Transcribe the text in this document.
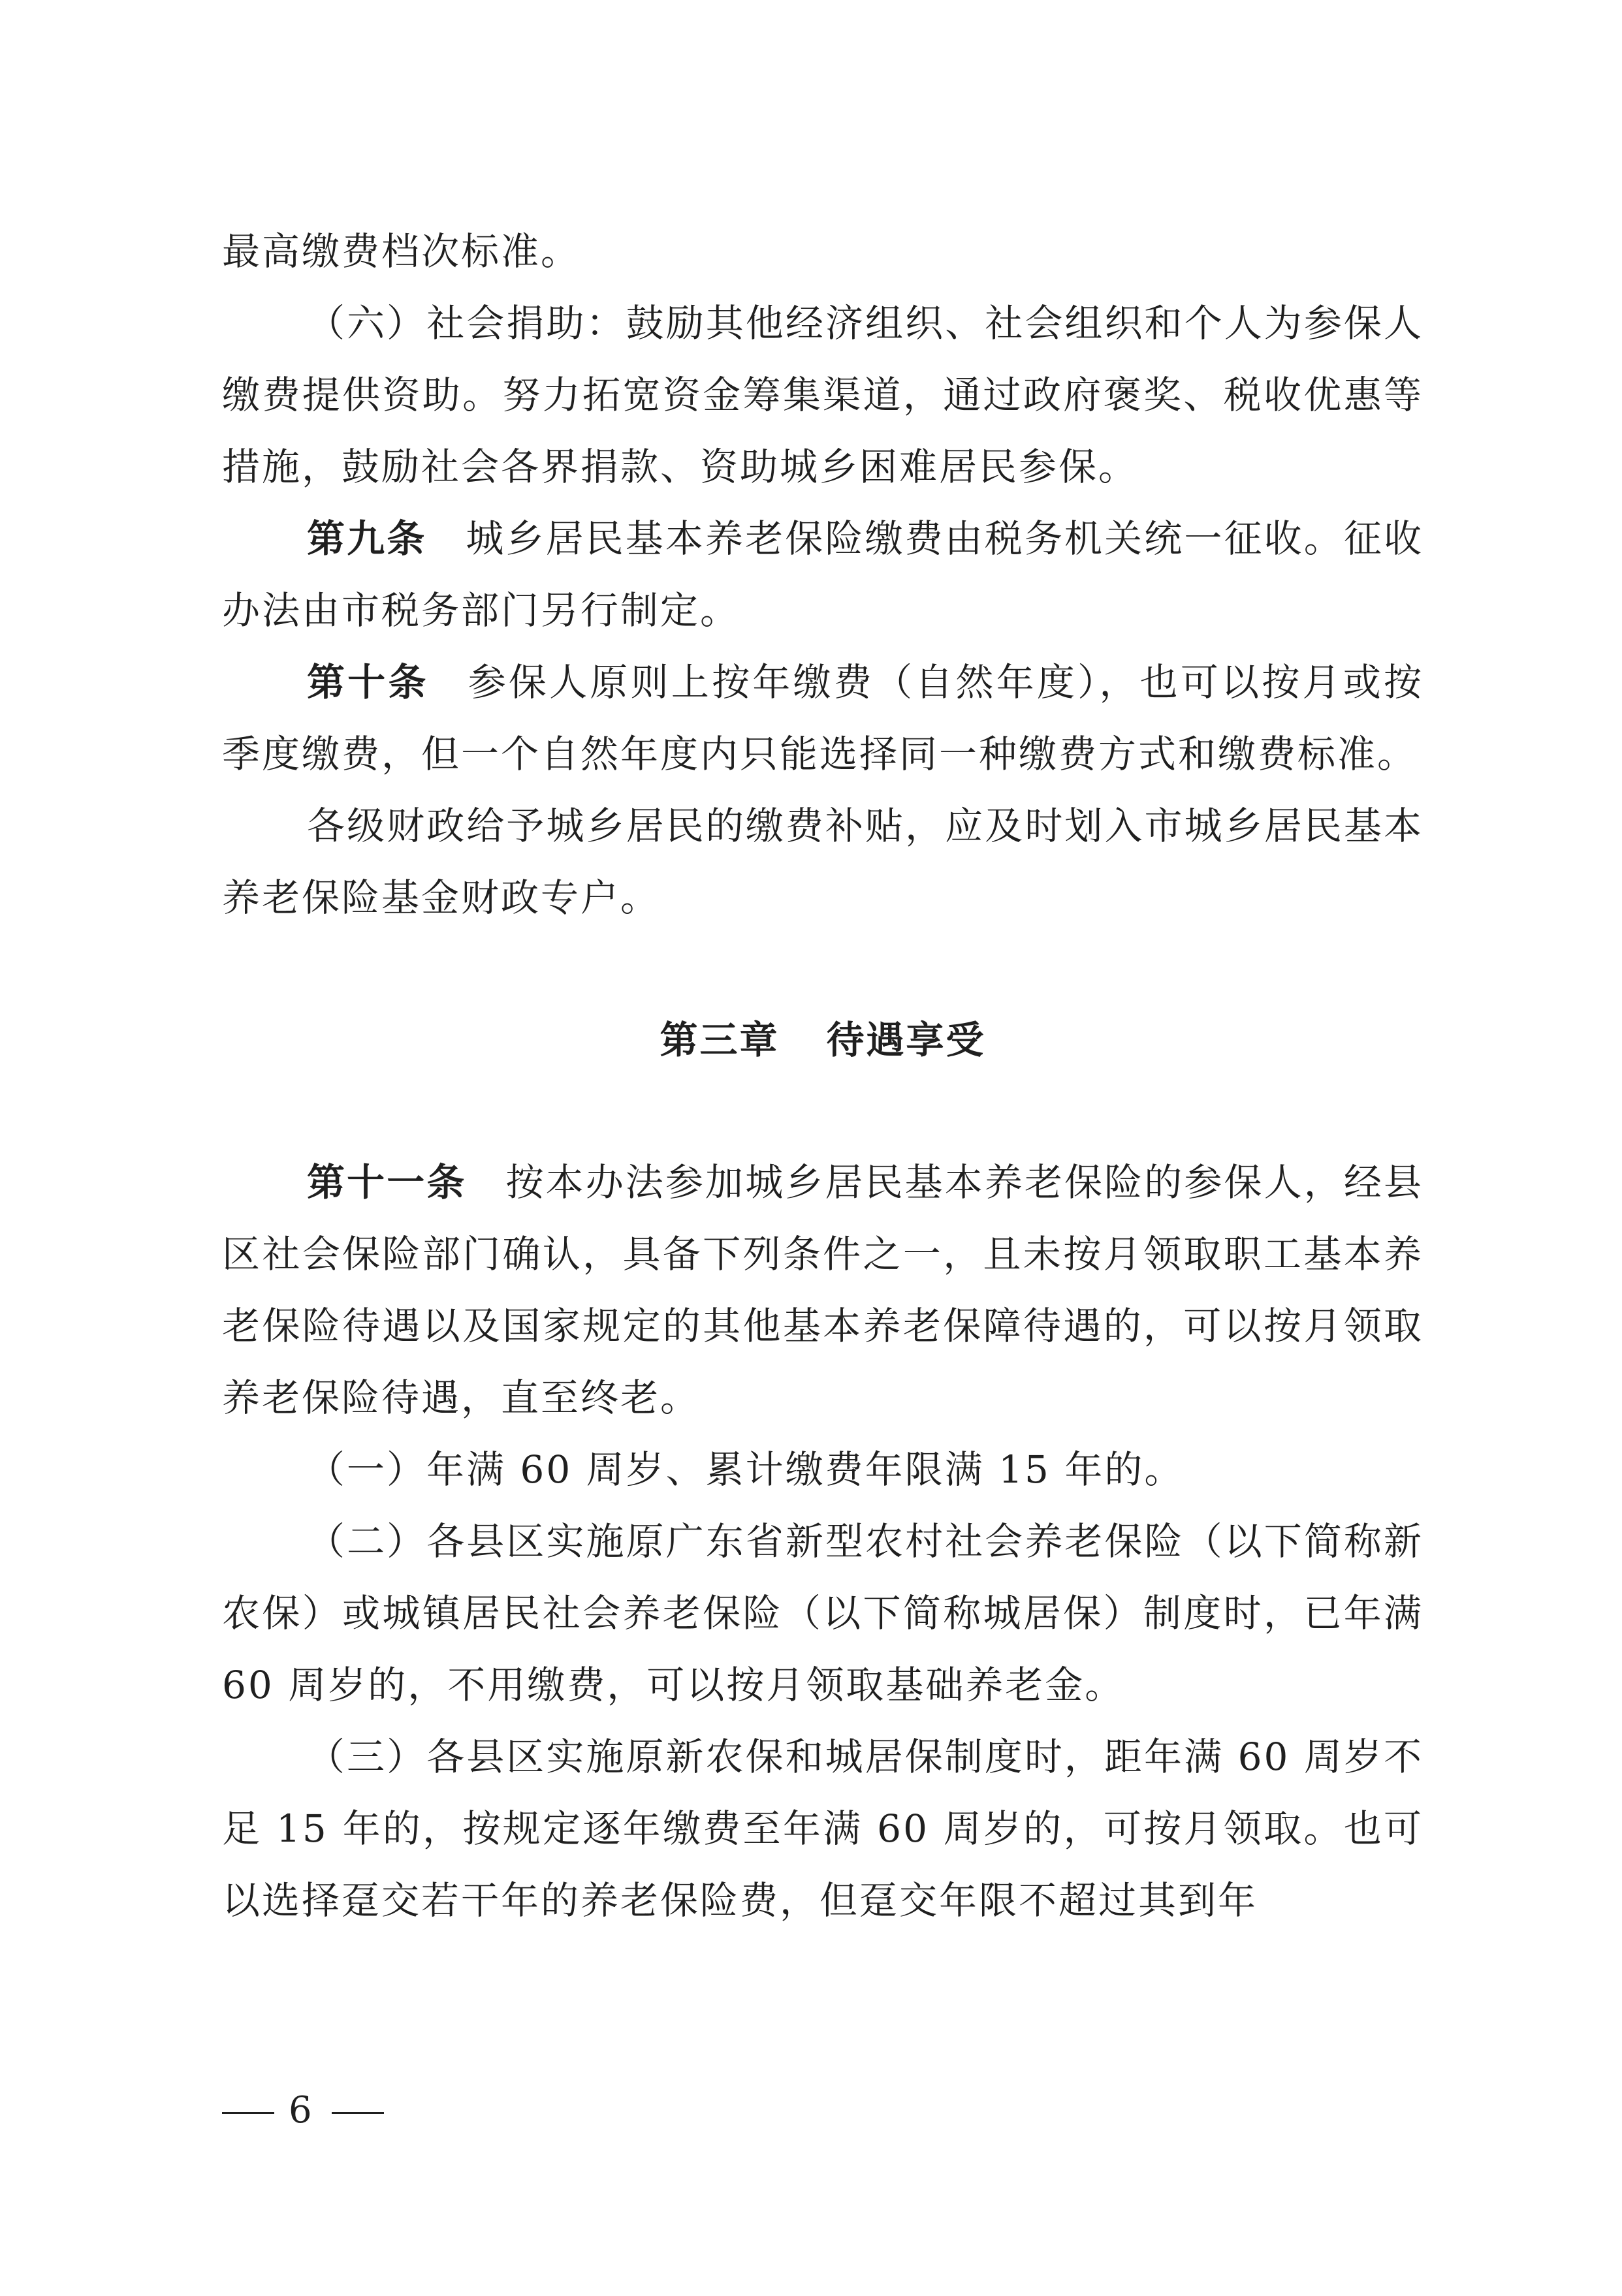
最高缴费档次标准。

（六）社会捐助：鼓励其他经济组织、社会组织和个人为参保人缴费提供资助。努力拓宽资金筹集渠道，通过政府褒奖、税收优惠等措施，鼓励社会各界捐款、资助城乡困难居民参保。

第九条 城乡居民基本养老保险缴费由税务机关统一征收。征收办法由市税务部门另行制定。

第十条 参保人原则上按年缴费（自然年度），也可以按月或按季度缴费，但一个自然年度内只能选择同一种缴费方式和缴费标准。

各级财政给予城乡居民的缴费补贴，应及时划入市城乡居民基本养老保险基金财政专户。

第三章 待遇享受

第十一条 按本办法参加城乡居民基本养老保险的参保人，经县区社会保险部门确认，具备下列条件之一，且未按月领取职工基本养老保险待遇以及国家规定的其他基本养老保障待遇的，可以按月领取养老保险待遇，直至终老。

（一）年满 60 周岁、累计缴费年限满 15 年的。

（二）各县区实施原广东省新型农村社会养老保险（以下简称新农保）或城镇居民社会养老保险（以下简称城居保）制度时，已年满 60 周岁的，不用缴费，可以按月领取基础养老金。

（三）各县区实施原新农保和城居保制度时，距年满 60 周岁不足 15 年的，按规定逐年缴费至年满 60 周岁的，可按月领取。也可以选择趸交若干年的养老保险费，但趸交年限不超过其到年

6
